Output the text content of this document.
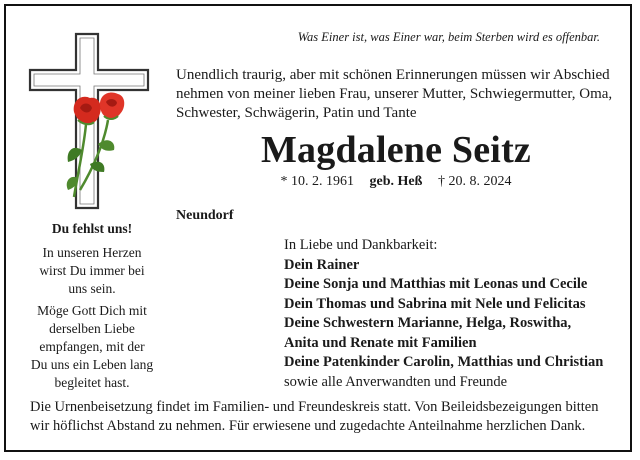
Was Einer ist, was Einer war, beim Sterben wird es offenbar.
Unendlich traurig, aber mit schönen Erinnerungen müssen wir Abschied nehmen von meiner lieben Frau, unserer Mutter, Schwiegermutter, Oma, Schwester, Schwägerin, Patin und Tante
Magdalene Seitz
* 10. 2. 1961 geb. Heß † 20. 8. 2024
Neundorf
Du fehlst uns!

In unseren Herzen wirst Du immer bei uns sein.

Möge Gott Dich mit derselben Liebe empfangen, mit der Du uns ein Leben lang begleitet hast.

In Liebe und Dankbarkeit:
Dein Rainer
Deine Sonja und Matthias mit Leonas und Cecile
Dein Thomas und Sabrina mit Nele und Felicitas
Deine Schwestern Marianne, Helga, Roswitha,
Anita und Renate mit Familien
Deine Patenkinder Carolin, Matthias und Christian
sowie alle Anverwandten und Freunde
Die Urnenbeisetzung findet im Familien- und Freundeskreis statt. Von Beileidsbezeigungen bitten wir höflichst Abstand zu nehmen. Für erwiesene und zugedachte Anteilnahme herzlichen Dank.
